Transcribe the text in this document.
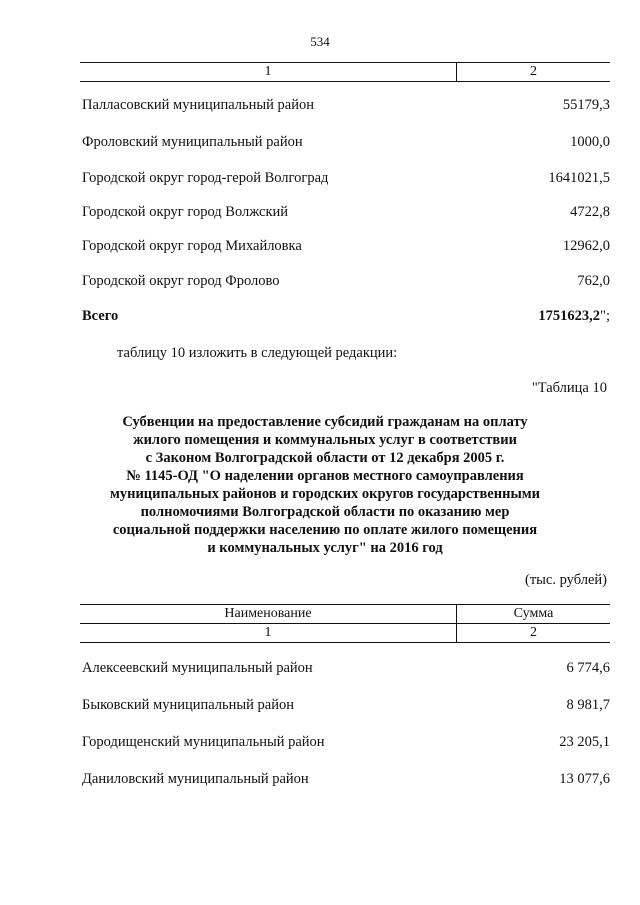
534
1	2
Палласовский муниципальный район	55179,3
Фроловский муниципальный район	1000,0
Городской округ город-герой Волгоград	1641021,5
Городской округ город Волжский	4722,8
Городской округ город Михайловка	12962,0
Городской округ город Фролово	762,0
Всего	1751623,2";
таблицу 10 изложить в следующей редакции:
"Таблица 10
Субвенции на предоставление субсидий гражданам на оплату
жилого помещения и коммунальных услуг в соответствии
с Законом Волгоградской области от 12 декабря 2005 г.
№ 1145-ОД "О наделении органов местного самоуправления
муниципальных районов и городских округов государственными
полномочиями Волгоградской области по оказанию мер
социальной поддержки населению по оплате жилого помещения
и коммунальных услуг" на 2016 год
(тыс. рублей)
Наименование	Сумма
1	2
Алексеевский муниципальный район	6 774,6
Быковский муниципальный район	8 981,7
Городищенский муниципальный район	23 205,1
Даниловский муниципальный район	13 077,6
